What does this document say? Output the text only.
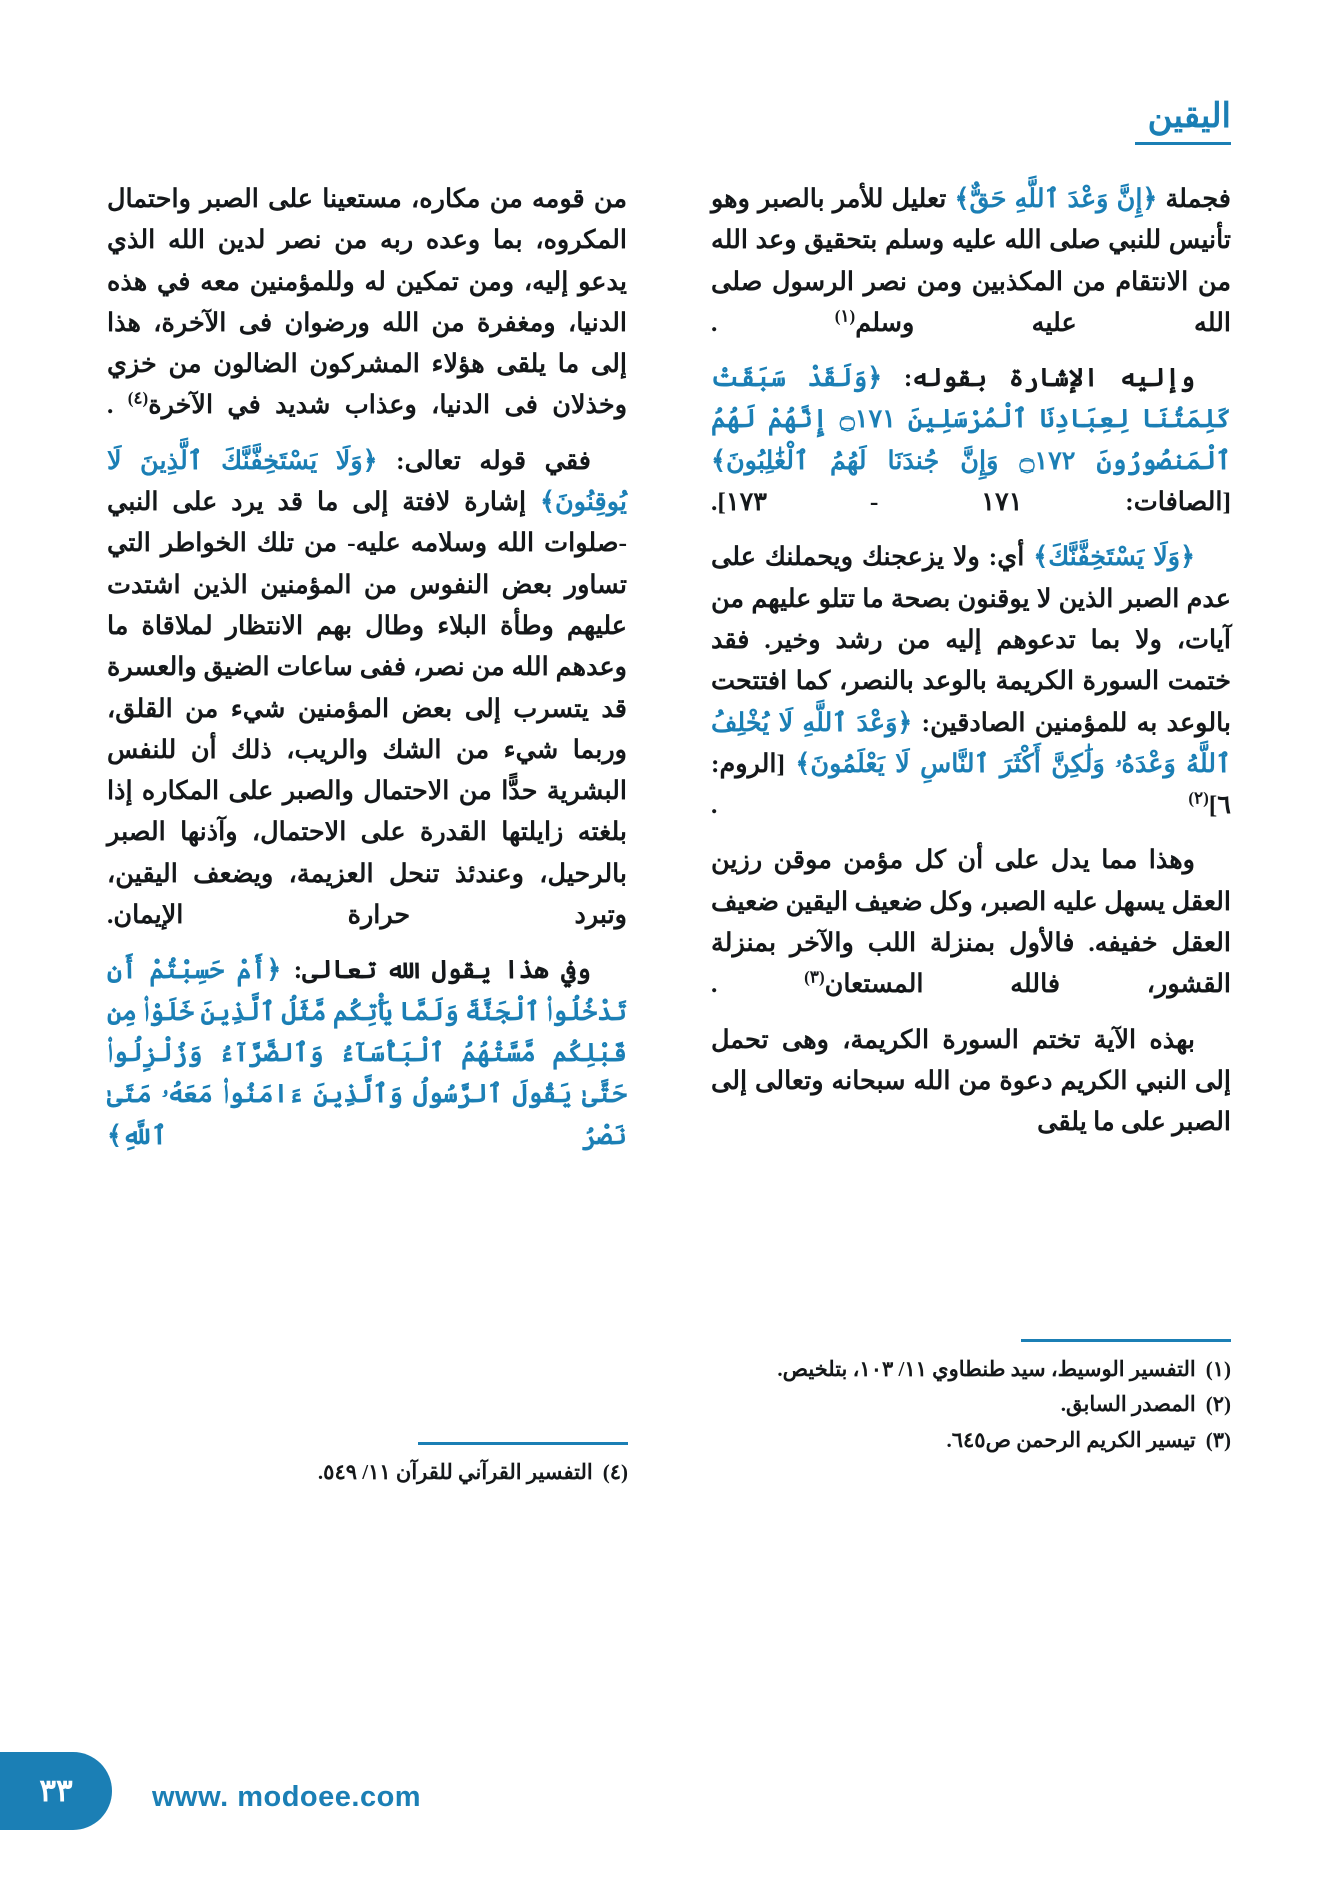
اليقين

فجملة ﴿إِنَّ وَعْدَ ٱللَّهِ حَقٌّ﴾ تعليل للأمر بالصبر وهو تأنيس للنبي صلى الله عليه وسلم بتحقيق وعد الله من الانتقام من المكذبين ومن نصر الرسول صلى الله عليه وسلم$^{(١)}$ .

وإليه الإشارة بقوله: ﴿وَلَقَدْ سَبَقَتْ كَلِمَتُنَا لِعِبَادِنَا ٱلْمُرْسَلِينَ ۝١٧١ إِنَّهُمْ لَهُمُ ٱلْمَنصُورُونَ ۝١٧٢ وَإِنَّ جُندَنَا لَهُمُ ٱلْغَٰلِبُونَ﴾ [الصافات: ١٧١ - ١٧٣].

﴿وَلَا يَسْتَخِفَّنَّكَ﴾ أي: ولا يزعجنك ويحملنك على عدم الصبر الذين لا يوقنون بصحة ما تتلو عليهم من آيات، ولا بما تدعوهم إليه من رشد وخير. فقد ختمت السورة الكريمة بالوعد بالنصر، كما افتتحت بالوعد به للمؤمنين الصادقين: ﴿وَعْدَ ٱللَّهِ لَا يُخْلِفُ ٱللَّهُ وَعْدَهُۥ وَلَٰكِنَّ أَكْثَرَ ٱلنَّاسِ لَا يَعْلَمُونَ﴾ [الروم: ٦]$^{(٢)}$ .

وهذا مما يدل على أن كل مؤمن موقن رزين العقل يسهل عليه الصبر، وكل ضعيف اليقين ضعيف العقل خفيفه. فالأول بمنزلة اللب والآخر بمنزلة القشور، فالله المستعان$^{(٣)}$ .

بهذه الآية تختم السورة الكريمة، وهى تحمل إلى النبي الكريم دعوة من الله سبحانه وتعالى إلى الصبر على ما يلقى

من قومه من مكاره، مستعينا على الصبر واحتمال المكروه، بما وعده ربه من نصر لدين الله الذي يدعو إليه، ومن تمكين له وللمؤمنين معه في هذه الدنيا، ومغفرة من الله ورضوان فى الآخرة، هذا إلى ما يلقى هؤلاء المشركون الضالون من خزي وخذلان فى الدنيا، وعذاب شديد في الآخرة$^{(٤)}$ .

فقي قوله تعالى: ﴿وَلَا يَسْتَخِفَّنَّكَ ٱلَّذِينَ لَا يُوقِنُونَ﴾ إشارة لافتة إلى ما قد يرد على النبي -صلوات الله وسلامه عليه- من تلك الخواطر التي تساور بعض النفوس من المؤمنين الذين اشتدت عليهم وطأة البلاء وطال بهم الانتظار لملاقاة ما وعدهم الله من نصر، ففى ساعات الضيق والعسرة قد يتسرب إلى بعض المؤمنين شيء من القلق، وربما شيء من الشك والريب، ذلك أن للنفس البشرية حدًّا من الاحتمال والصبر على المكاره إذا بلغته زايلتها القدرة على الاحتمال، وآذنها الصبر بالرحيل، وعندئذ تنحل العزيمة، ويضعف اليقين، وتبرد حرارة الإيمان.

وفي هذا يقول الله تعالى: ﴿أَمْ حَسِبْتُمْ أَن تَدْخُلُوا۟ ٱلْجَنَّةَ وَلَمَّا يَأْتِكُم مَّثَلُ ٱلَّذِينَ خَلَوْا۟ مِن قَبْلِكُم مَّسَّتْهُمُ ٱلْبَأْسَآءُ وَٱلضَّرَّآءُ وَزُلْزِلُوا۟ حَتَّىٰ يَقُولَ ٱلرَّسُولُ وَٱلَّذِينَ ءَامَنُوا۟ مَعَهُۥ مَتَىٰ نَصْرُ ٱللَّهِ﴾

(١)
التفسير الوسيط، سيد طنطاوي ١١/ ١٠٣، بتلخيص.
(٢)
المصدر السابق.
(٣)
تيسير الكريم الرحمن ص٦٤٥.
(٤)
التفسير القرآني للقرآن ١١/ ٥٤٩.
٣٣	www. modoee.com
